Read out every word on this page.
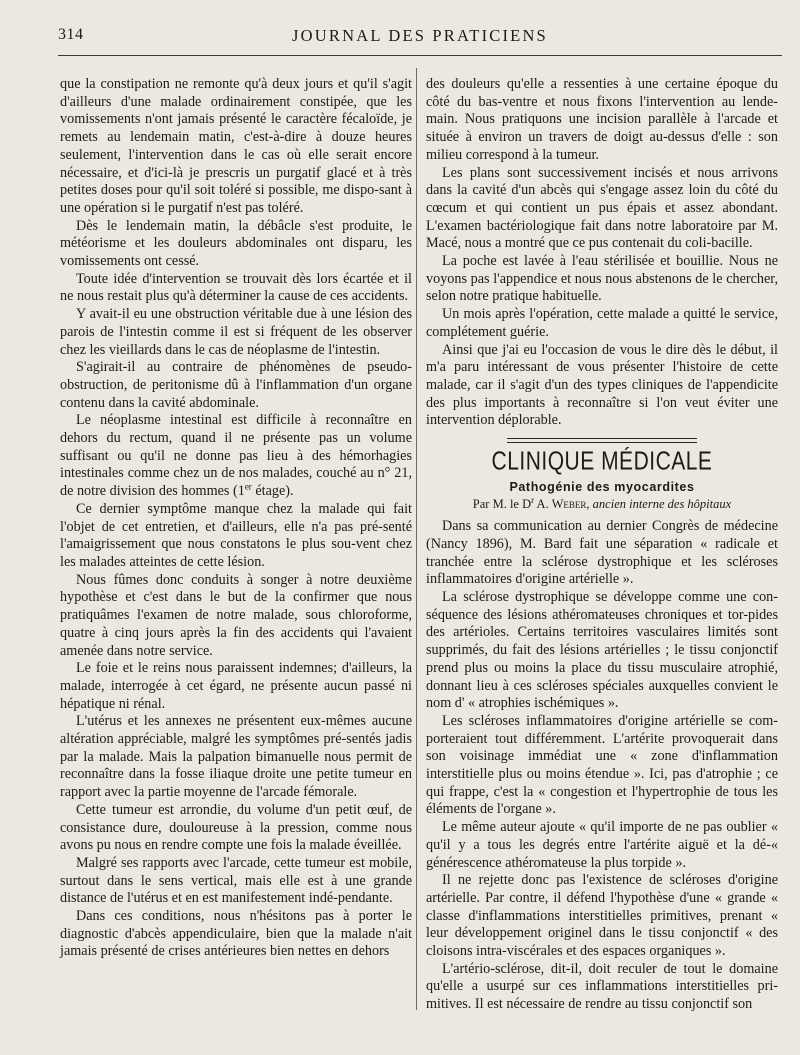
314	JOURNAL DES PRATICIENS

que la constipation ne remonte qu'à deux jours et qu'il s'agit d'ailleurs d'une malade ordinairement constipée, que les vomissements n'ont jamais présenté le caractère fécaloïde, je remets au lendemain matin, c'est-à-dire à douze heures seulement, l'intervention dans le cas où elle serait encore nécessaire, et d'ici-là je prescris un purgatif glacé et à très petites doses pour qu'il soit toléré si possible, me dispo-sant à une opération si le purgatif n'est pas toléré.

Dès le lendemain matin, la débâcle s'est produite, le météorisme et les douleurs abdominales ont disparu, les vomissements ont cessé.

Toute idée d'intervention se trouvait dès lors écartée et il ne nous restait plus qu'à déterminer la cause de ces accidents.

Y avait-il eu une obstruction véritable due à une lésion des parois de l'intestin comme il est si fréquent de les observer chez les vieillards dans le cas de néoplasme de l'intestin.

S'agirait-il au contraire de phénomènes de pseudo-obstruction, de peritonisme dû à l'inflammation d'un organe contenu dans la cavité abdominale.

Le néoplasme intestinal est difficile à reconnaître en dehors du rectum, quand il ne présente pas un volume suffisant ou qu'il ne donne pas lieu à des hémorhagies intestinales comme chez un de nos malades, couché au n° 21, de notre division des hommes (1er étage).

Ce dernier symptôme manque chez la malade qui fait l'objet de cet entretien, et d'ailleurs, elle n'a pas pré-senté l'amaigrissement que nous constatons le plus sou-vent chez les malades atteintes de cette lésion.

Nous fûmes donc conduits à songer à notre deuxième hypothèse et c'est dans le but de la confirmer que nous pratiquâmes l'examen de notre malade, sous chloroforme, quatre à cinq jours après la fin des accidents qui l'avaient amenée dans notre service.

Le foie et le reins nous paraissent indemnes; d'ailleurs, la malade, interrogée à cet égard, ne présente aucun passé ni hépatique ni rénal.

L'utérus et les annexes ne présentent eux-mêmes aucune altération appréciable, malgré les symptômes pré-sentés jadis par la malade. Mais la palpation bimanuelle nous permit de reconnaître dans la fosse iliaque droite une petite tumeur en rapport avec la partie moyenne de l'arcade fémorale.

Cette tumeur est arrondie, du volume d'un petit œuf, de consistance dure, douloureuse à la pression, comme nous avons pu nous en rendre compte une fois la malade éveillée.

Malgré ses rapports avec l'arcade, cette tumeur est mobile, surtout dans le sens vertical, mais elle est à une grande distance de l'utérus et en est manifestement indé-pendante.

Dans ces conditions, nous n'hésitons pas à porter le diagnostic d'abcès appendiculaire, bien que la malade n'ait jamais présenté de crises antérieures bien nettes en dehors

des douleurs qu'elle a ressenties à une certaine époque du côté du bas-ventre et nous fixons l'intervention au lende-main. Nous pratiquons une incision parallèle à l'arcade et située à environ un travers de doigt au-dessus d'elle : son milieu correspond à la tumeur.

Les plans sont successivement incisés et nous arrivons dans la cavité d'un abcès qui s'engage assez loin du côté du cœcum et qui contient un pus épais et assez abondant. L'examen bactériologique fait dans notre laboratoire par M. Macé, nous a montré que ce pus contenait du coli-bacille.

La poche est lavée à l'eau stérilisée et bouillie. Nous ne voyons pas l'appendice et nous nous abstenons de le chercher, selon notre pratique habituelle.

Un mois après l'opération, cette malade a quitté le service, complétement guérie.

Ainsi que j'ai eu l'occasion de vous le dire dès le début, il m'a paru intéressant de vous présenter l'histoire de cette malade, car il s'agit d'un des types cliniques de l'appendicite des plus importants à reconnaître si l'on veut éviter une intervention déplorable.

CLINIQUE MÉDICALE
Pathogénie des myocardites
Par M. le $D^r$ A. Weber, ancien interne des hôpitaux

Dans sa communication au dernier Congrès de médecine (Nancy 1896), M. Bard fait une séparation « radicale et tranchée entre la sclérose dystrophique et les scléroses inflammatoires d'origine artérielle ».

La sclérose dystrophique se développe comme une con-séquence des lésions athéromateuses chroniques et tor-pides des artérioles. Certains territoires vasculaires limités sont supprimés, du fait des lésions artérielles ; le tissu conjonctif prend plus ou moins la place du tissu musculaire atrophié, donnant lieu à ces scléroses spéciales auxquelles convient le nom d' « atrophies ischémiques ».

Les scléroses inflammatoires d'origine artérielle se com-porteraient tout différemment. L'artérite provoquerait dans son voisinage immédiat une « zone d'inflammation interstitielle plus ou moins étendue ». Ici, pas d'atrophie ; ce qui frappe, c'est la « congestion et l'hypertrophie de tous les éléments de l'organe ».

Le même auteur ajoute « qu'il importe de ne pas oublier « qu'il y a tous les degrés entre l'artérite aiguë et la dé-« générescence athéromateuse la plus torpide ».

Il ne rejette donc pas l'existence de scléroses d'origine artérielle. Par contre, il défend l'hypothèse d'une « grande « classe d'inflammations interstitielles primitives, prenant « leur développement originel dans le tissu conjonctif « des cloisons intra-viscérales et des espaces organiques ».

L'artério-sclérose, dit-il, doit reculer de tout le domaine qu'elle a usurpé sur ces inflammations interstitielles pri-mitives. Il est nécessaire de rendre au tissu conjonctif son
